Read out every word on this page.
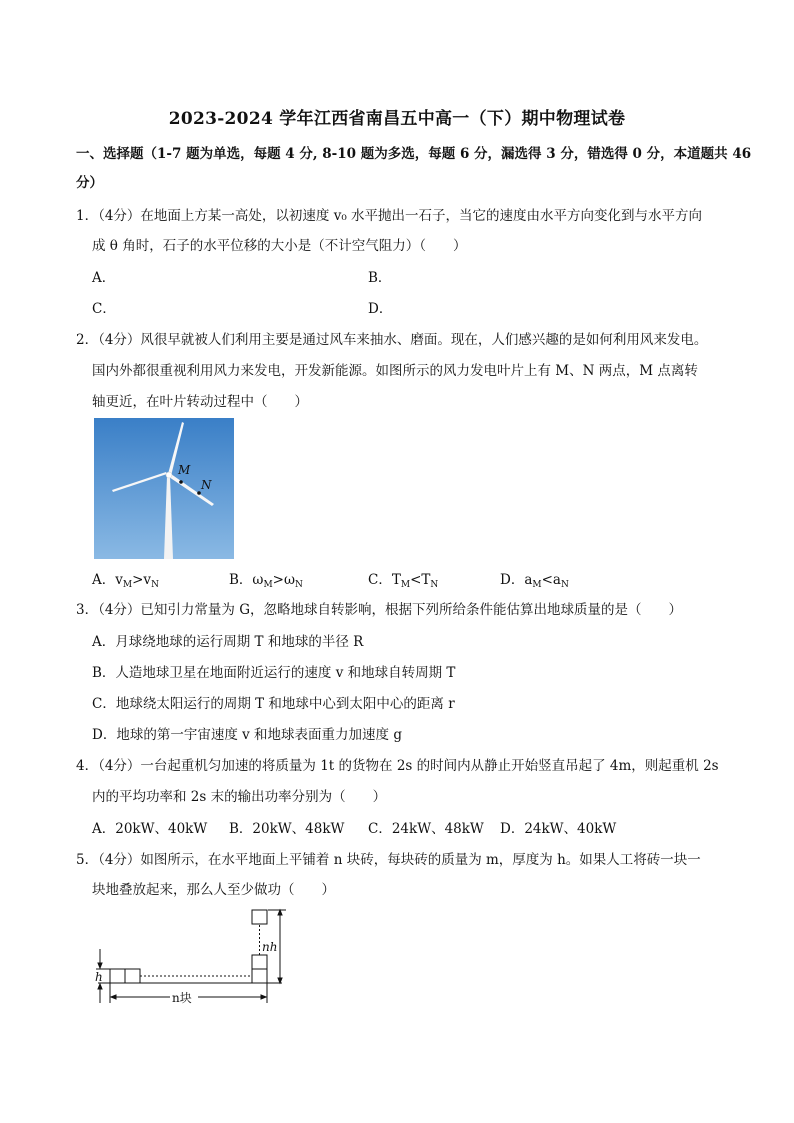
2023-2024 学年江西省南昌五中高一（下）期中物理试卷
一、选择题（1-7 题为单选，每题 4 分, 8-10 题为多选，每题 6 分，漏选得 3 分，错选得 0 分，本道题共 46
分）
1．（4分）在地面上方某一高处，以初速度 v₀ 水平抛出一石子，当它的速度由水平方向变化到与水平方向
成 θ 角时，石子的水平位移的大小是（不计空气阻力）（　　）
A．	B．
C．	D．
2．（4分）风很早就被人们利用主要是通过风车来抽水、磨面。现在，人们感兴趣的是如何利用风来发电。
国内外都很重视利用风力来发电，开发新能源。如图所示的风力发电叶片上有 M、N 两点，M 点离转
轴更近，在叶片转动过程中（　　）
M
N
A．$v_M>v_N$	B．$\omega_M>\omega_N$	C．$T_M<T_N$	D．$a_M<a_N$
3．（4分）已知引力常量为 G，忽略地球自转影响，根据下列所给条件能估算出地球质量的是（　　）
A．月球绕地球的运行周期 T 和地球的半径 R
B．人造地球卫星在地面附近运行的速度 v 和地球自转周期 T
C．地球绕太阳运行的周期 T 和地球中心到太阳中心的距离 r
D．地球的第一宇宙速度 v 和地球表面重力加速度 g
4．（4分）一台起重机匀加速的将质量为 1t 的货物在 2s 的时间内从静止开始竖直吊起了 4m，则起重机 2s
内的平均功率和 2s 末的输出功率分别为（　　）
A．20kW、40kW B．20kW、48kW C．24kW、48kW D．24kW、40kW
5．（4分）如图所示，在水平地面上平铺着 n 块砖，每块砖的质量为 m，厚度为 h。如果人工将砖一块一
块地叠放起来，那么人至少做功（　　）
h
nh
n块
